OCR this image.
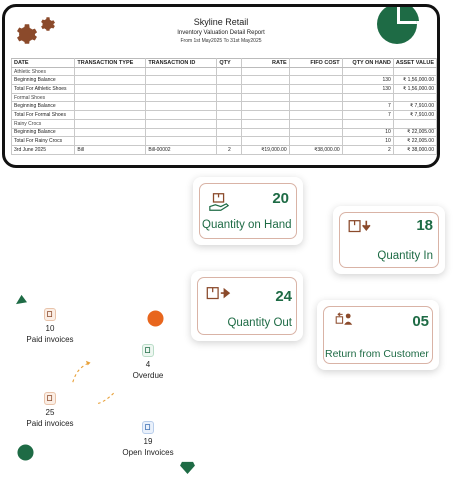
Skyline Retail
Inventory Valuation Detail Report
From 1st May2025 To 31st May2025
DATE	TRANSACTION TYPE	TRANSACTION ID	QTY	RATE	FIFO COST	QTY ON HAND	ASSET VALUE
Athletic Shoes							
Beginning Balance						130	₹ 1,56,000.00
Total For Athletic Shoes						130	₹ 1,56,000.00
Formal Shoes							
Beginning Balance						7	₹ 7,910.00
Total For Formal Shoes						7	₹ 7,910.00
Rainy Crocs							
Beginning Balance						10	₹ 22,005.00
Total For Rainy Crocs						10	₹ 22,005.00
3rd June 2025	Bill	Bill-00002	2	₹19,000.00	₹38,000.00	2	₹ 38,000.00
20
Quantity on Hand	18
Quantity In
24
Quantity Out	05
Return from Customer
10
Paid invoices
4
Overdue
25
Paid invoices
19
Open Invoices
